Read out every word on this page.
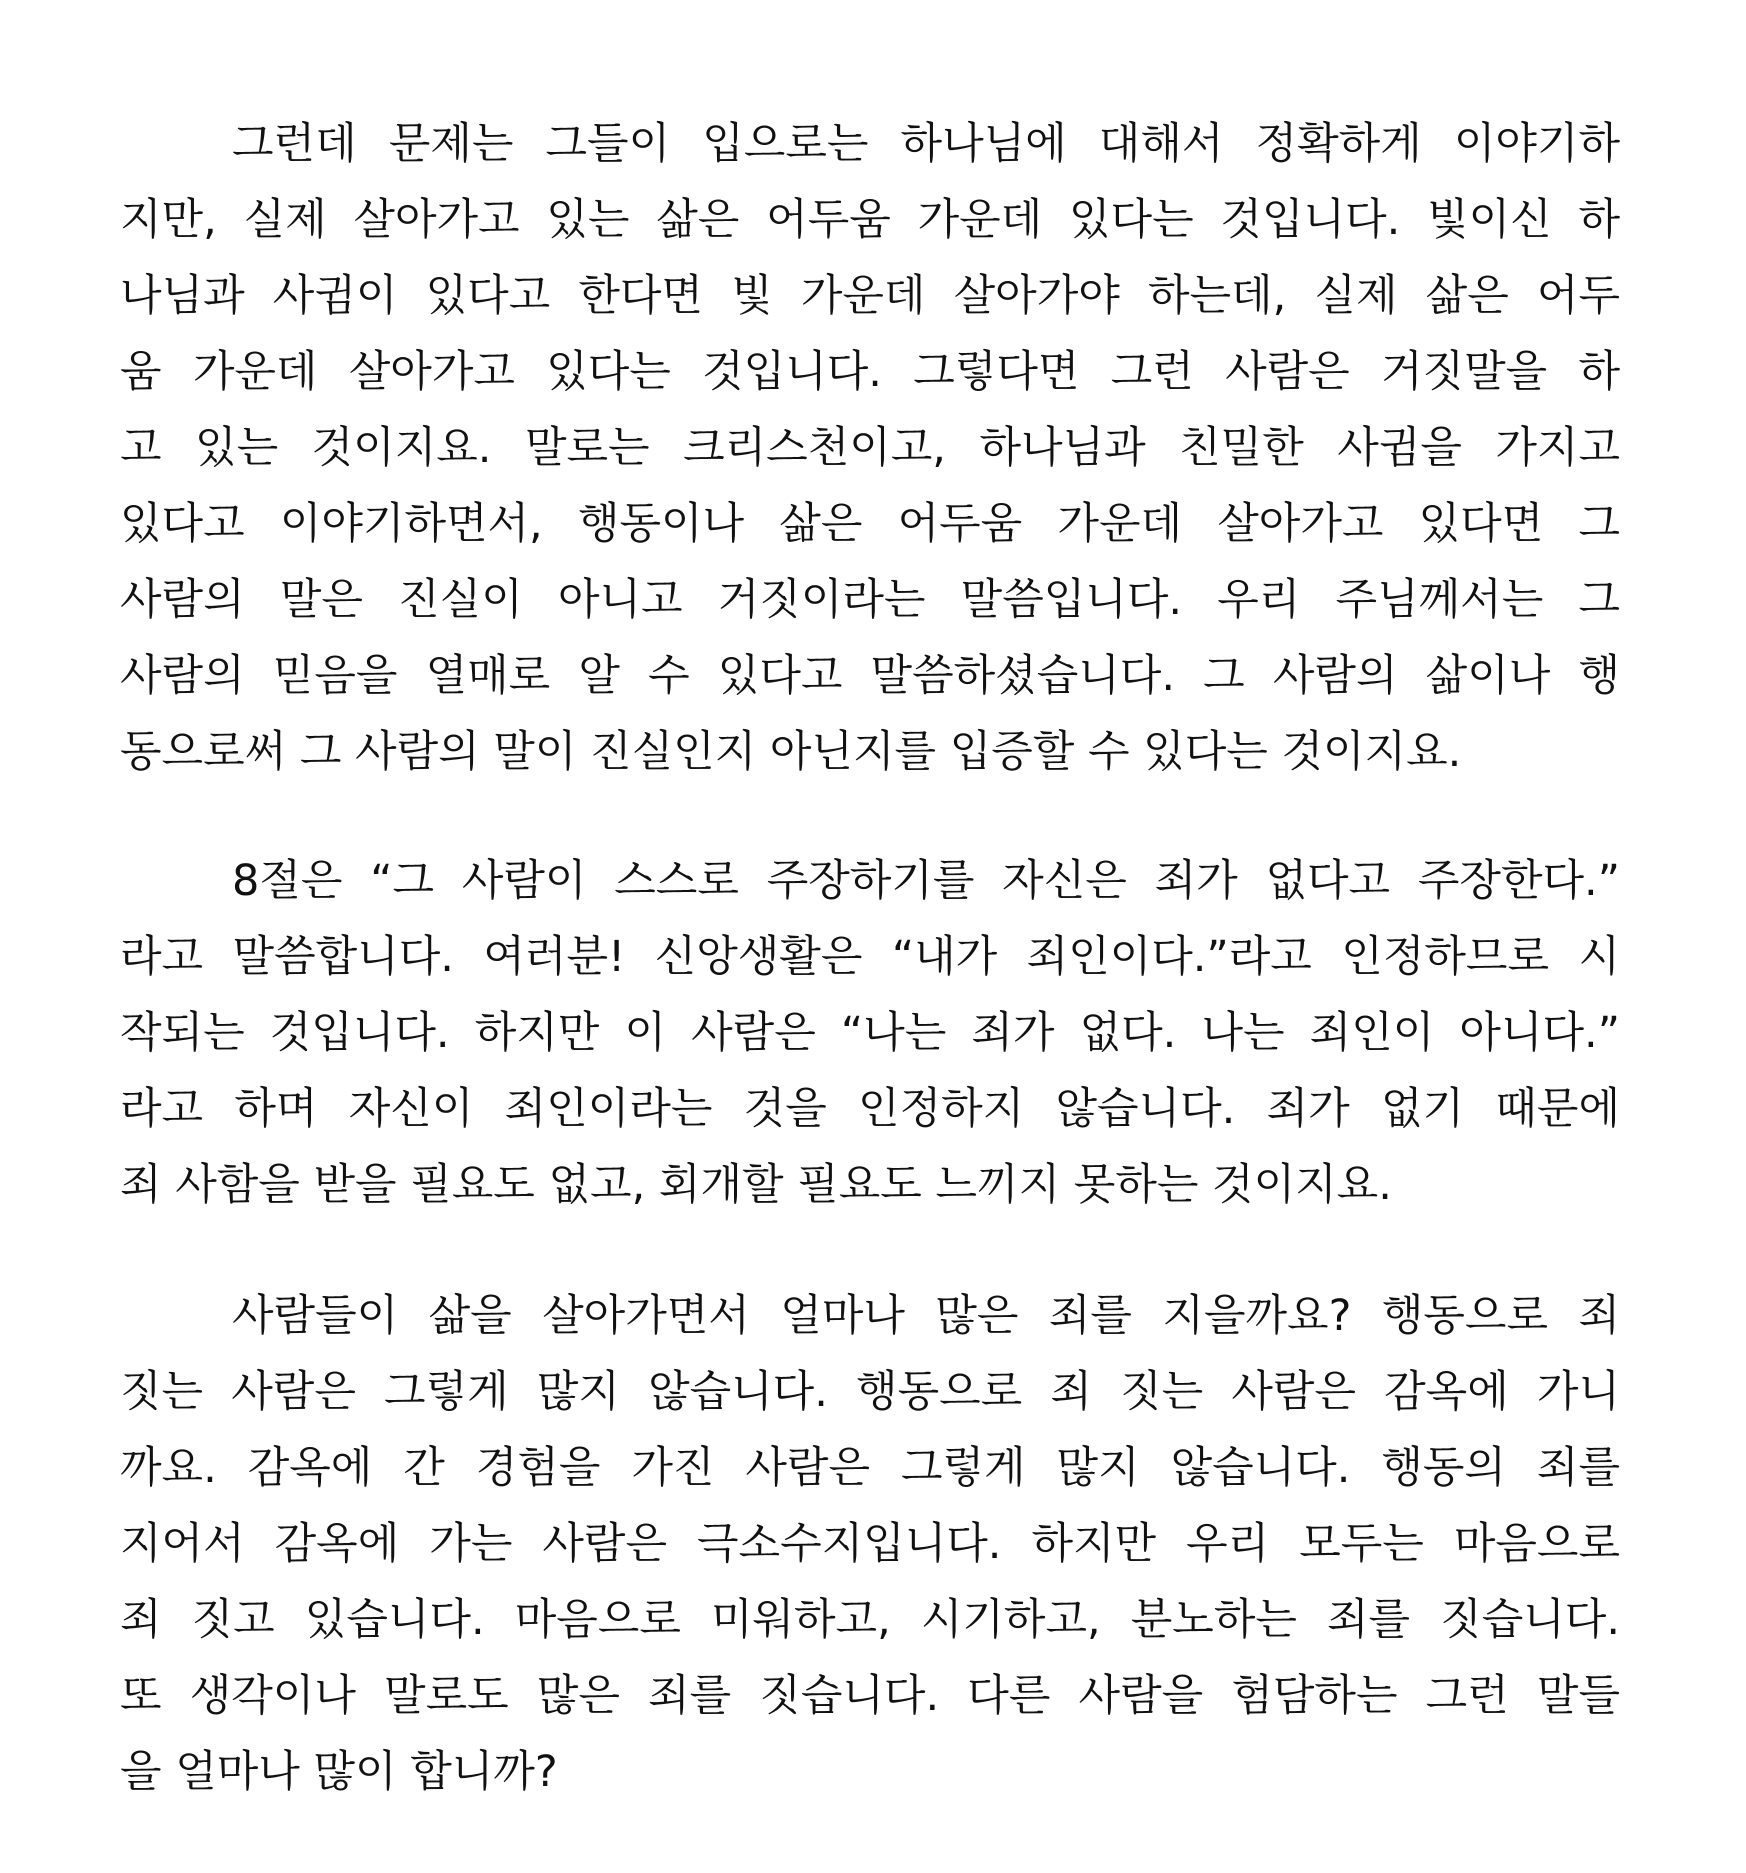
그런데 문제는 그들이 입으로는 하나님에 대해서 정확하게 이야기하
지만, 실제 살아가고 있는 삶은 어두움 가운데 있다는 것입니다. 빛이신 하
나님과 사귐이 있다고 한다면 빛 가운데 살아가야 하는데, 실제 삶은 어두
움 가운데 살아가고 있다는 것입니다. 그렇다면 그런 사람은 거짓말을 하
고 있는 것이지요. 말로는 크리스천이고, 하나님과 친밀한 사귐을 가지고
있다고 이야기하면서, 행동이나 삶은 어두움 가운데 살아가고 있다면 그
사람의 말은 진실이 아니고 거짓이라는 말씀입니다. 우리 주님께서는 그
사람의 믿음을 열매로 알 수 있다고 말씀하셨습니다. 그 사람의 삶이나 행
동으로써 그 사람의 말이 진실인지 아닌지를 입증할 수 있다는 것이지요.
8절은 “그 사람이 스스로 주장하기를 자신은 죄가 없다고 주장한다.”
라고 말씀합니다. 여러분! 신앙생활은 “내가 죄인이다.”라고 인정하므로 시
작되는 것입니다. 하지만 이 사람은 “나는 죄가 없다. 나는 죄인이 아니다.”
라고 하며 자신이 죄인이라는 것을 인정하지 않습니다. 죄가 없기 때문에
죄 사함을 받을 필요도 없고, 회개할 필요도 느끼지 못하는 것이지요.
사람들이 삶을 살아가면서 얼마나 많은 죄를 지을까요? 행동으로 죄
짓는 사람은 그렇게 많지 않습니다. 행동으로 죄 짓는 사람은 감옥에 가니
까요. 감옥에 간 경험을 가진 사람은 그렇게 많지 않습니다. 행동의 죄를
지어서 감옥에 가는 사람은 극소수지입니다. 하지만 우리 모두는 마음으로
죄 짓고 있습니다. 마음으로 미워하고, 시기하고, 분노하는 죄를 짓습니다.
또 생각이나 말로도 많은 죄를 짓습니다. 다른 사람을 험담하는 그런 말들
을 얼마나 많이 합니까?
